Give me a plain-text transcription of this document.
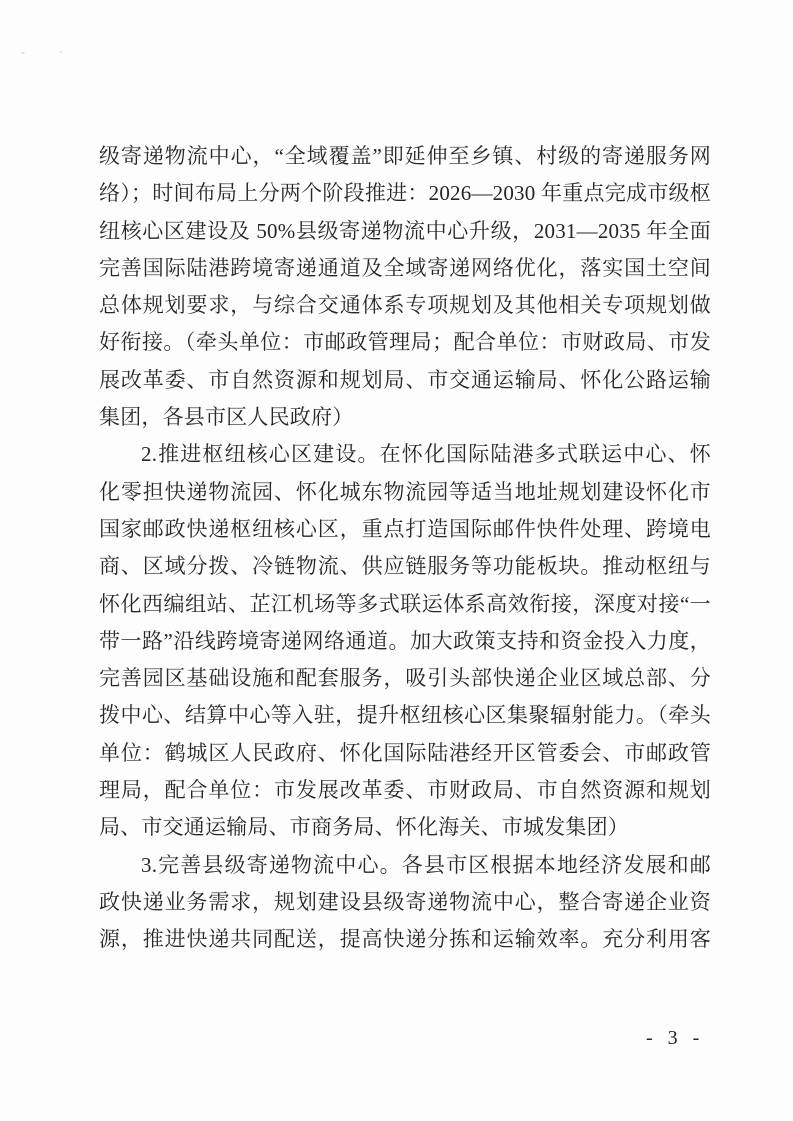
级寄递物流中心，“全域覆盖”即延伸至乡镇、村级的寄递服务网
络）；时间布局上分两个阶段推进：2026—2030 年重点完成市级枢
纽核心区建设及 50%县级寄递物流中心升级，2031—2035 年全面
完善国际陆港跨境寄递通道及全域寄递网络优化，落实国土空间
总体规划要求，与综合交通体系专项规划及其他相关专项规划做
好衔接。（牵头单位：市邮政管理局；配合单位：市财政局、市发
展改革委、市自然资源和规划局、市交通运输局、怀化公路运输
集团，各县市区人民政府）
2.推进枢纽核心区建设。在怀化国际陆港多式联运中心、怀
化零担快递物流园、怀化城东物流园等适当地址规划建设怀化市
国家邮政快递枢纽核心区，重点打造国际邮件快件处理、跨境电
商、区域分拨、冷链物流、供应链服务等功能板块。推动枢纽与
怀化西编组站、芷江机场等多式联运体系高效衔接，深度对接“一
带一路”沿线跨境寄递网络通道。加大政策支持和资金投入力度，
完善园区基础设施和配套服务，吸引头部快递企业区域总部、分
拨中心、结算中心等入驻，提升枢纽核心区集聚辐射能力。（牵头
单位：鹤城区人民政府、怀化国际陆港经开区管委会、市邮政管
理局，配合单位：市发展改革委、市财政局、市自然资源和规划
局、市交通运输局、市商务局、怀化海关、市城发集团）
3.完善县级寄递物流中心。各县市区根据本地经济发展和邮
政快递业务需求，规划建设县级寄递物流中心，整合寄递企业资
源，推进快递共同配送，提高快递分拣和运输效率。充分利用客
- 3 -
